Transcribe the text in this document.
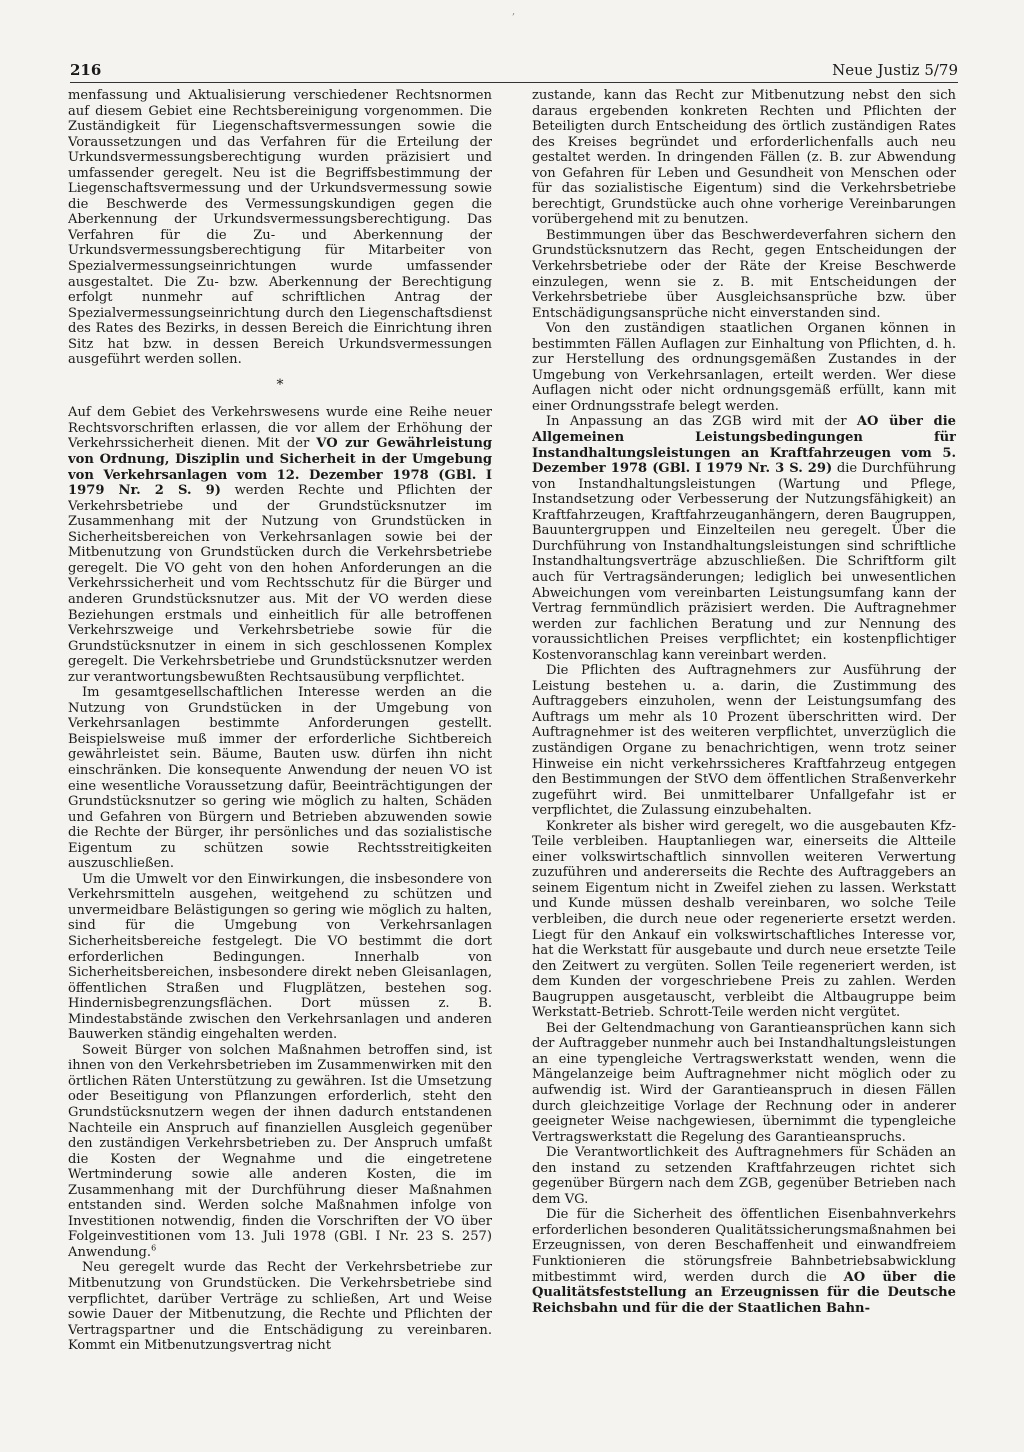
,
216	Neue Justiz 5/79

menfassung und Aktualisierung verschiedener Rechtsnormen auf diesem Gebiet eine Rechtsbereinigung vorgenommen. Die Zuständigkeit für Liegenschaftsvermessungen sowie die Voraussetzungen und das Verfahren für die Erteilung der Urkundsvermessungsberechtigung wurden präzisiert und umfassender geregelt. Neu ist die Begriffsbestimmung der Liegenschaftsvermessung und der Urkundsvermessung sowie die Beschwerde des Vermessungskundigen gegen die Aberkennung der Urkundsvermessungsberechtigung. Das Verfahren für die Zu- und Aberkennung der Urkundsvermessungsberechtigung für Mitarbeiter von Spezialvermessungseinrichtungen wurde umfassender ausgestaltet. Die Zu- bzw. Aberkennung der Berechtigung erfolgt nunmehr auf schriftlichen Antrag der Spezialvermessungseinrichtung durch den Liegenschaftsdienst des Rates des Bezirks, in dessen Bereich die Einrichtung ihren Sitz hat bzw. in dessen Bereich Urkundsvermessungen ausgeführt werden sollen.

*

Auf dem Gebiet des Verkehrswesens wurde eine Reihe neuer Rechtsvorschriften erlassen, die vor allem der Erhöhung der Verkehrssicherheit dienen. Mit der VO zur Gewährleistung von Ordnung, Disziplin und Sicherheit in der Umgebung von Verkehrsanlagen vom 12. Dezember 1978 (GBl. I 1979 Nr. 2 S. 9) werden Rechte und Pflichten der Verkehrsbetriebe und der Grundstücksnutzer im Zusammenhang mit der Nutzung von Grundstücken in Sicherheitsbereichen von Verkehrsanlagen sowie bei der Mitbenutzung von Grundstücken durch die Verkehrsbetriebe geregelt. Die VO geht von den hohen Anforderungen an die Verkehrssicherheit und vom Rechtsschutz für die Bürger und anderen Grundstücksnutzer aus. Mit der VO werden diese Beziehungen erstmals und einheitlich für alle betroffenen Verkehrszweige und Verkehrsbetriebe sowie für die Grundstücksnutzer in einem in sich geschlossenen Komplex geregelt. Die Verkehrsbetriebe und Grundstücksnutzer werden zur verantwortungsbewußten Rechtsausübung verpflichtet.

Im gesamtgesellschaftlichen Interesse werden an die Nutzung von Grundstücken in der Umgebung von Verkehrsanlagen bestimmte Anforderungen gestellt. Beispielsweise muß immer der erforderliche Sichtbereich gewährleistet sein. Bäume, Bauten usw. dürfen ihn nicht einschränken. Die konsequente Anwendung der neuen VO ist eine wesentliche Voraussetzung dafür, Beeinträchtigungen der Grundstücksnutzer so gering wie möglich zu halten, Schäden und Gefahren von Bürgern und Betrieben abzuwenden sowie die Rechte der Bürger, ihr persönliches und das sozialistische Eigentum zu schützen sowie Rechtsstreitigkeiten auszuschließen.

Um die Umwelt vor den Einwirkungen, die insbesondere von Verkehrsmitteln ausgehen, weitgehend zu schützen und unvermeidbare Belästigungen so gering wie möglich zu halten, sind für die Umgebung von Verkehrsanlagen Sicherheitsbereiche festgelegt. Die VO bestimmt die dort erforderlichen Bedingungen. Innerhalb von Sicherheitsbereichen, insbesondere direkt neben Gleisanlagen, öffentlichen Straßen und Flugplätzen, bestehen sog. Hindernisbegrenzungsflächen. Dort müssen z. B. Mindestabstände zwischen den Verkehrsanlagen und anderen Bauwerken ständig eingehalten werden.

Soweit Bürger von solchen Maßnahmen betroffen sind, ist ihnen von den Verkehrsbetrieben im Zusammenwirken mit den örtlichen Räten Unterstützung zu gewähren. Ist die Umsetzung oder Beseitigung von Pflanzungen erforderlich, steht den Grundstücksnutzern wegen der ihnen dadurch entstandenen Nachteile ein Anspruch auf finanziellen Ausgleich gegenüber den zuständigen Verkehrsbetrieben zu. Der Anspruch umfaßt die Kosten der Wegnahme und die eingetretene Wertminderung sowie alle anderen Kosten, die im Zusammenhang mit der Durchführung dieser Maßnahmen entstanden sind. Werden solche Maßnahmen infolge von Investitionen notwendig, finden die Vorschriften der VO über Folgeinvestitionen vom 13. Juli 1978 (GBl. I Nr. 23 S. 257) Anwendung.$^6$

Neu geregelt wurde das Recht der Verkehrsbetriebe zur Mitbenutzung von Grundstücken. Die Verkehrsbetriebe sind verpflichtet, darüber Verträge zu schließen, Art und Weise sowie Dauer der Mitbenutzung, die Rechte und Pflichten der Vertragspartner und die Entschädigung zu vereinbaren. Kommt ein Mitbenutzungsvertrag nicht

zustande, kann das Recht zur Mitbenutzung nebst den sich daraus ergebenden konkreten Rechten und Pflichten der Beteiligten durch Entscheidung des örtlich zuständigen Rates des Kreises begründet und erforderlichenfalls auch neu gestaltet werden. In dringenden Fällen (z. B. zur Abwendung von Gefahren für Leben und Gesundheit von Menschen oder für das sozialistische Eigentum) sind die Verkehrsbetriebe berechtigt, Grundstücke auch ohne vorherige Vereinbarungen vorübergehend mit zu benutzen.

Bestimmungen über das Beschwerdeverfahren sichern den Grundstücksnutzern das Recht, gegen Entscheidungen der Verkehrsbetriebe oder der Räte der Kreise Beschwerde einzulegen, wenn sie z. B. mit Entscheidungen der Verkehrsbetriebe über Ausgleichsansprüche bzw. über Entschädigungsansprüche nicht einverstanden sind.

Von den zuständigen staatlichen Organen können in bestimmten Fällen Auflagen zur Einhaltung von Pflichten, d. h. zur Herstellung des ordnungsgemäßen Zustandes in der Umgebung von Verkehrsanlagen, erteilt werden. Wer diese Auflagen nicht oder nicht ordnungsgemäß erfüllt, kann mit einer Ordnungsstrafe belegt werden.

In Anpassung an das ZGB wird mit der AO über die Allgemeinen Leistungsbedingungen für Instandhaltungsleistungen an Kraftfahrzeugen vom 5. Dezember 1978 (GBl. I 1979 Nr. 3 S. 29) die Durchführung von Instandhaltungsleistungen (Wartung und Pflege, Instandsetzung oder Verbesserung der Nutzungsfähigkeit) an Kraftfahrzeugen, Kraftfahrzeuganhängern, deren Baugruppen, Bauuntergruppen und Einzelteilen neu geregelt. Über die Durchführung von Instandhaltungsleistungen sind schriftliche Instandhaltungsverträge abzuschließen. Die Schriftform gilt auch für Vertragsänderungen; lediglich bei unwesentlichen Abweichungen vom vereinbarten Leistungsumfang kann der Vertrag fernmündlich präzisiert werden. Die Auftragnehmer werden zur fachlichen Beratung und zur Nennung des voraussichtlichen Preises verpflichtet; ein kostenpflichtiger Kostenvoranschlag kann vereinbart werden.

Die Pflichten des Auftragnehmers zur Ausführung der Leistung bestehen u. a. darin, die Zustimmung des Auftraggebers einzuholen, wenn der Leistungsumfang des Auftrags um mehr als 10 Prozent überschritten wird. Der Auftragnehmer ist des weiteren verpflichtet, unverzüglich die zuständigen Organe zu benachrichtigen, wenn trotz seiner Hinweise ein nicht verkehrssicheres Kraftfahrzeug entgegen den Bestimmungen der StVO dem öffentlichen Straßenverkehr zugeführt wird. Bei unmittelbarer Unfallgefahr ist er verpflichtet, die Zulassung einzubehalten.

Konkreter als bisher wird geregelt, wo die ausgebauten Kfz-Teile verbleiben. Hauptanliegen war, einerseits die Altteile einer volkswirtschaftlich sinnvollen weiteren Verwertung zuzuführen und andererseits die Rechte des Auftraggebers an seinem Eigentum nicht in Zweifel ziehen zu lassen. Werkstatt und Kunde müssen deshalb vereinbaren, wo solche Teile verbleiben, die durch neue oder regenerierte ersetzt werden. Liegt für den Ankauf ein volkswirtschaftliches Interesse vor, hat die Werkstatt für ausgebaute und durch neue ersetzte Teile den Zeitwert zu vergüten. Sollen Teile regeneriert werden, ist dem Kunden der vorgeschriebene Preis zu zahlen. Werden Baugruppen ausgetauscht, verbleibt die Altbaugruppe beim Werkstatt-Betrieb. Schrott-Teile werden nicht vergütet.

Bei der Geltendmachung von Garantieansprüchen kann sich der Auftraggeber nunmehr auch bei Instandhaltungsleistungen an eine typengleiche Vertragswerkstatt wenden, wenn die Mängelanzeige beim Auftragnehmer nicht möglich oder zu aufwendig ist. Wird der Garantieanspruch in diesen Fällen durch gleichzeitige Vorlage der Rechnung oder in anderer geeigneter Weise nachgewiesen, übernimmt die typengleiche Vertragswerkstatt die Regelung des Garantieanspruchs.

Die Verantwortlichkeit des Auftragnehmers für Schäden an den instand zu setzenden Kraftfahrzeugen richtet sich gegenüber Bürgern nach dem ZGB, gegenüber Betrieben nach dem VG.

Die für die Sicherheit des öffentlichen Eisenbahnverkehrs erforderlichen besonderen Qualitätssicherungsmaßnahmen bei Erzeugnissen, von deren Beschaffenheit und einwandfreiem Funktionieren die störungsfreie Bahnbetriebsabwicklung mitbestimmt wird, werden durch die AO über die Qualitätsfeststellung an Erzeugnissen für die Deutsche Reichsbahn und für die der Staatlichen Bahn-
